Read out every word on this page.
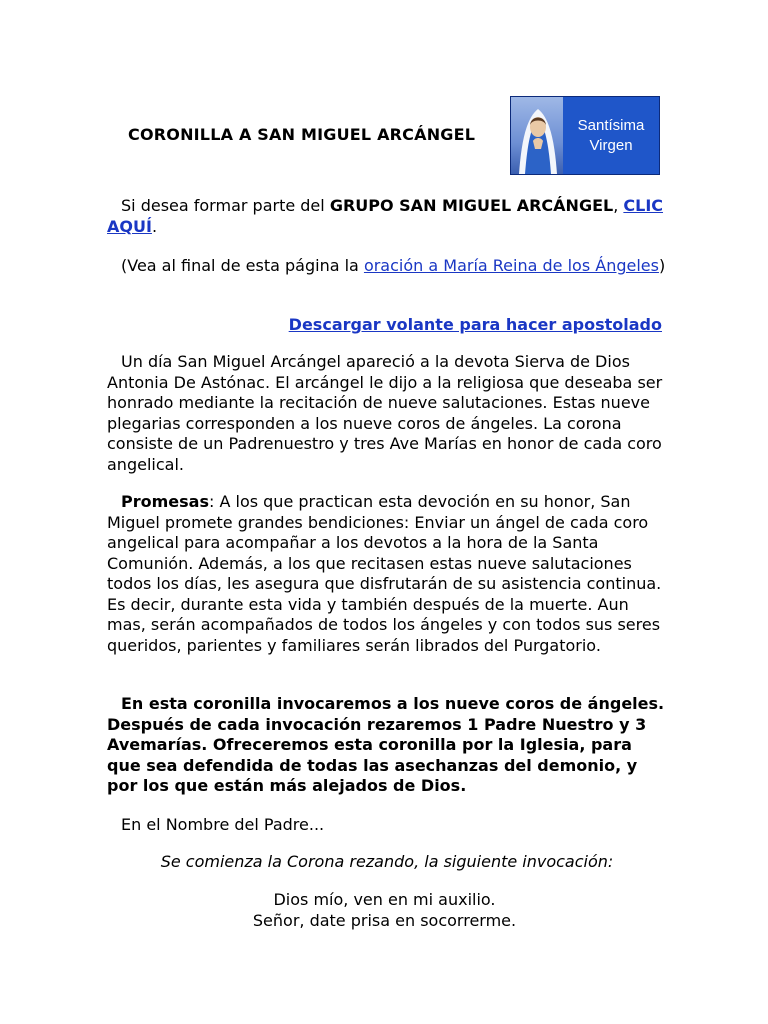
CORONILLA A SAN MIGUEL ARCÁNGEL	Santísima
Virgen

Si desea formar parte del GRUPO SAN MIGUEL ARCÁNGEL, CLIC AQUÍ.

(Vea al final de esta página la oración a María Reina de los Ángeles)

Descargar volante para hacer apostolado

Un día San Miguel Arcángel apareció a la devota Sierva de Dios Antonia De Astónac. El arcángel le dijo a la religiosa que deseaba ser honrado mediante la recitación de nueve salutaciones. Estas nueve plegarias corresponden a los nueve coros de ángeles. La corona consiste de un Padrenuestro y tres Ave Marías en honor de cada coro angelical.

Promesas: A los que practican esta devoción en su honor, San Miguel promete grandes bendiciones: Enviar un ángel de cada coro angelical para acompañar a los devotos a la hora de la Santa Comunión. Además, a los que recitasen estas nueve salutaciones todos los días, les asegura que disfrutarán de su asistencia continua. Es decir, durante esta vida y también después de la muerte. Aun mas, serán acompañados de todos los ángeles y con todos sus seres queridos, parientes y familiares serán librados del Purgatorio.

En esta coronilla invocaremos a los nueve coros de ángeles. Después de cada invocación rezaremos 1 Padre Nuestro y 3 Avemarías. Ofreceremos esta coronilla por la Iglesia, para que sea defendida de todas las asechanzas del demonio, y por los que están más alejados de Dios.

En el Nombre del Padre...

Se comienza la Corona rezando, la siguiente invocación:

Dios mío, ven en mi auxilio.

Señor, date prisa en socorrerme.
